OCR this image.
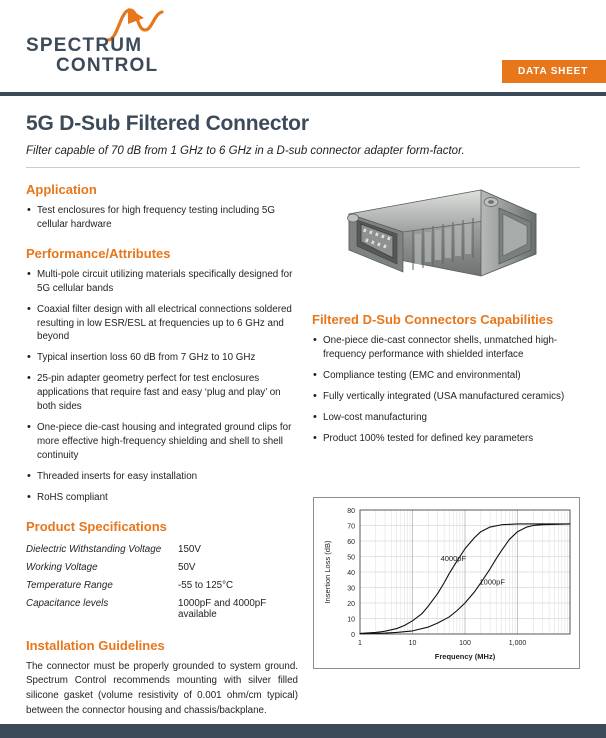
SPECTRUM
CONTROL	DATA SHEET
5G D-Sub Filtered Connector

Filter capable of 70 dB from 1 GHz to 6 GHz in a D-sub connector adapter form-factor.

Application
• Test enclosures for high frequency testing including 5G cellular hardware
Performance/Attributes
• Multi-pole circuit utilizing materials specifically designed for 5G cellular bands
• Coaxial filter design with all electrical connections soldered resulting in low ESR/ESL at frequencies up to 6 GHz and beyond
• Typical insertion loss 60 dB from 7 GHz to 10 GHz
• 25-pin adapter geometry perfect for test enclosures applications that require fast and easy ‘plug and play’ on both sides
• One-piece die-cast housing and integrated ground clips for more effective high-frequency shielding and shell to shell continuity
• Threaded inserts for easy installation
• RoHS compliant
Product Specifications
Dielectric Withstanding Voltage	150V
Working Voltage	50V
Temperature Range	-55 to 125°C
Capacitance levels	1000pF and 4000pF available
Installation Guidelines

The connector must be properly grounded to system ground. Spectrum Control recommends mounting with silver filled silicone gasket (volume resistivity of 0.001 ohm/cm typical) between the connector housing and chassis/backplane.

Filtered D-Sub Connectors Capabilities
• One-piece die-cast connector shells, unmatched high-frequency performance with shielded interface
• Compliance testing (EMC and environmental)
• Fully vertically integrated (USA manufactured ceramics)
• Low-cost manufacturing
• Product 100% tested for defined key parameters
0
10
20
30
40
50
60
70
80
1	10	100	1,000
4000pF
1000pF
Frequency (MHz)
Insertion Loss (dB)
